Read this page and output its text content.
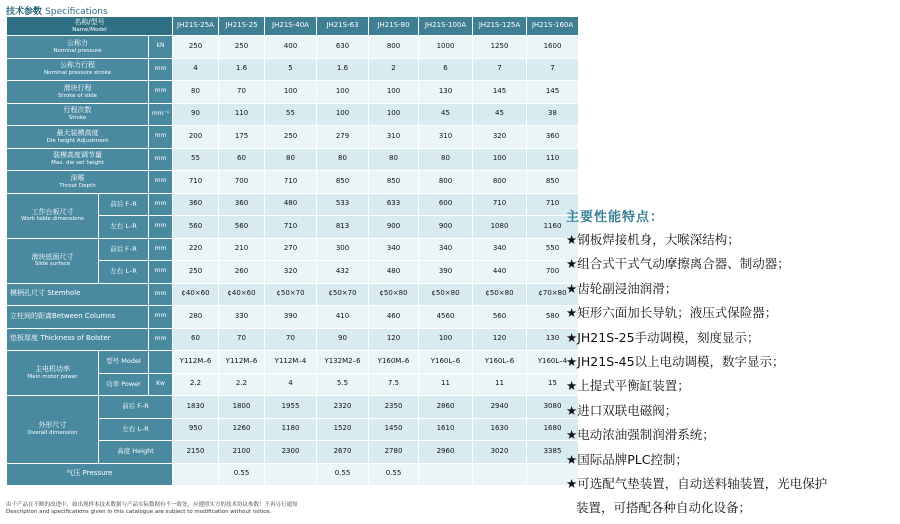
技术参数 Specifications
名称/型号
Name/Model			JH21S-25A	JH21S-25	JH21S-40A	JH21S-63	JH21S-80	JH21S-100A	JH21S-125A	JH21S-160A
公称力
Nominal pressure		kN	250	250	400	630	800	1000	1250	1600
公称力行程
Nominal pressure stroke		mm	4	1.6	5	1.6	2	6	7	7
滑块行程
Stroke of slide		mm	80	70	100	100	100	130	145	145
行程次数
Stroke		mm⁻¹	90	110	55	100	100	45	45	38
最大装模高度
Die height Adjustment		mm	200	175	250	279	310	310	320	360
装模高度调节量
Max. die set height		mm	55	60	80	80	80	80	100	110
深喉
Throat Depth		mm	710	700	710	850	850	800	800	850
工作台板尺寸
Work table dimensions	前后 F–R	mm	360	360	480	533	633	600	710	710
	左右 L–R	mm	560	560	710	813	900	900	1080	1160
滑块底面尺寸
Slide surface	前后 F–R	mm	220	210	270	300	340	340	340	550
	左右 L–R	mm	250	260	320	432	480	390	440	700
模柄孔尺寸 Stemhole		mm	¢40×60	¢40×60	¢50×70	¢50×70	¢50×80	¢50×80	¢50×80	¢70×80
立柱间的距离Between Columns		mm	280	330	390	410	460	4560	560	580
垫板厚度 Thickness of Bolster		mm	60	70	70	90	120	100	120	130
主电机功率
Main motor power	型号 Model		Y112M–6	Y112M–6	Y112M–4	Y132M2–6	Y160M–6	Y160L–6	Y160L–6	Y160L–4
	功率 Power	Kw	2.2	2.2	4	5.5	7.5	11	11	15
外形尺寸
Overall dimension	前后 F–R		1830	1800	1955	2320	2350	2860	2940	3080
	左右 L–R		950	1260	1180	1520	1450	1610	1630	1680
	高度 Height		2150	2100	2300	2670	2780	2960	3020	3385
气压 Pressure				0.55		0.55	0.55			
由于产品在不断的改进中，如出现样本技术数据与产品实际数据有不一致处，应遵照实方的技术协议参数！不再另行通知
Description and specifications given in this catalogue are subject to modification without notice.
主要性能特点：
★钢板焊接机身，大喉深结构；
★组合式干式气动摩擦离合器、制动器；
★齿轮副浸油润滑；
★矩形六面加长导轨；液压式保险器；
★JH21S-25手动调模，刻度显示；
★JH21S-45以上电动调模，数字显示；
★上提式平衡缸装置；
★进口双联电磁阀；
★电动浓油强制润滑系统；
★国际品牌PLC控制；
★可选配气垫装置，自动送料轴装置，光电保护
装置，可搭配各种自动化设备；
